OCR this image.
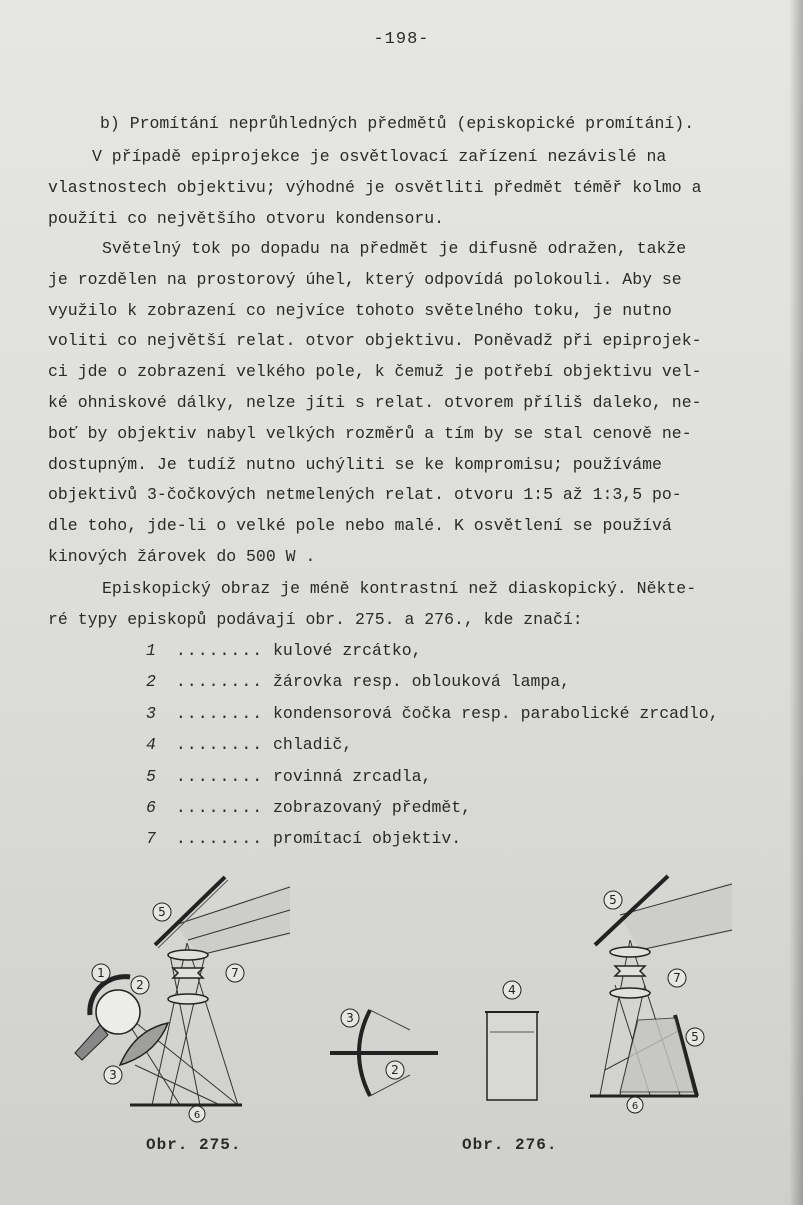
-198-
b) Promítání neprůhledných předmětů (episkopické promítání).
V případě epiprojekce je osvětlovací zařízení nezávislé na
vlastnostech objektivu; výhodné je osvětliti předmět téměř kolmo a
použíti co největšího otvoru kondensoru.
Světelný tok po dopadu na předmět je difusně odražen, takže
je rozdělen na prostorový úhel, který odpovídá polokouli. Aby se
využilo k zobrazení co nejvíce tohoto světelného toku, je nutno
voliti co největší relat. otvor objektivu. Poněvadž při epiprojek-
ci jde o zobrazení velkého pole, k čemuž je potřebí objektivu vel-
ké ohniskové dálky, nelze jíti s relat. otvorem příliš daleko, ne-
boť by objektiv nabyl velkých rozměrů a tím by se stal cenově ne-
dostupným. Je tudíž nutno uchýliti se ke kompromisu; používáme
objektivů 3-čočkových netmelených relat. otvoru 1:5 až 1:3,5 po-
dle toho, jde-li o velké pole nebo malé. K osvětlení se používá
kinových žárovek do 500 W .
Episkopický obraz je méně kontrastní než diaskopický. Někte-
ré typy episkopů podávají obr. 275. a 276., kde značí:
1 ........ kulové zrcátko,
2 ........ žárovka resp. oblouková lampa,
3 ........ kondensorová čočka resp. parabolické zrcadlo,
4 ........ chladič,
5 ........ rovinná zrcadla,
6 ........ zobrazovaný předmět,
7 ........ promítací objektiv.
5
1
2
7
3
6
Obr. 275.
4
3
2
6
5
7
5
Obr. 276.
